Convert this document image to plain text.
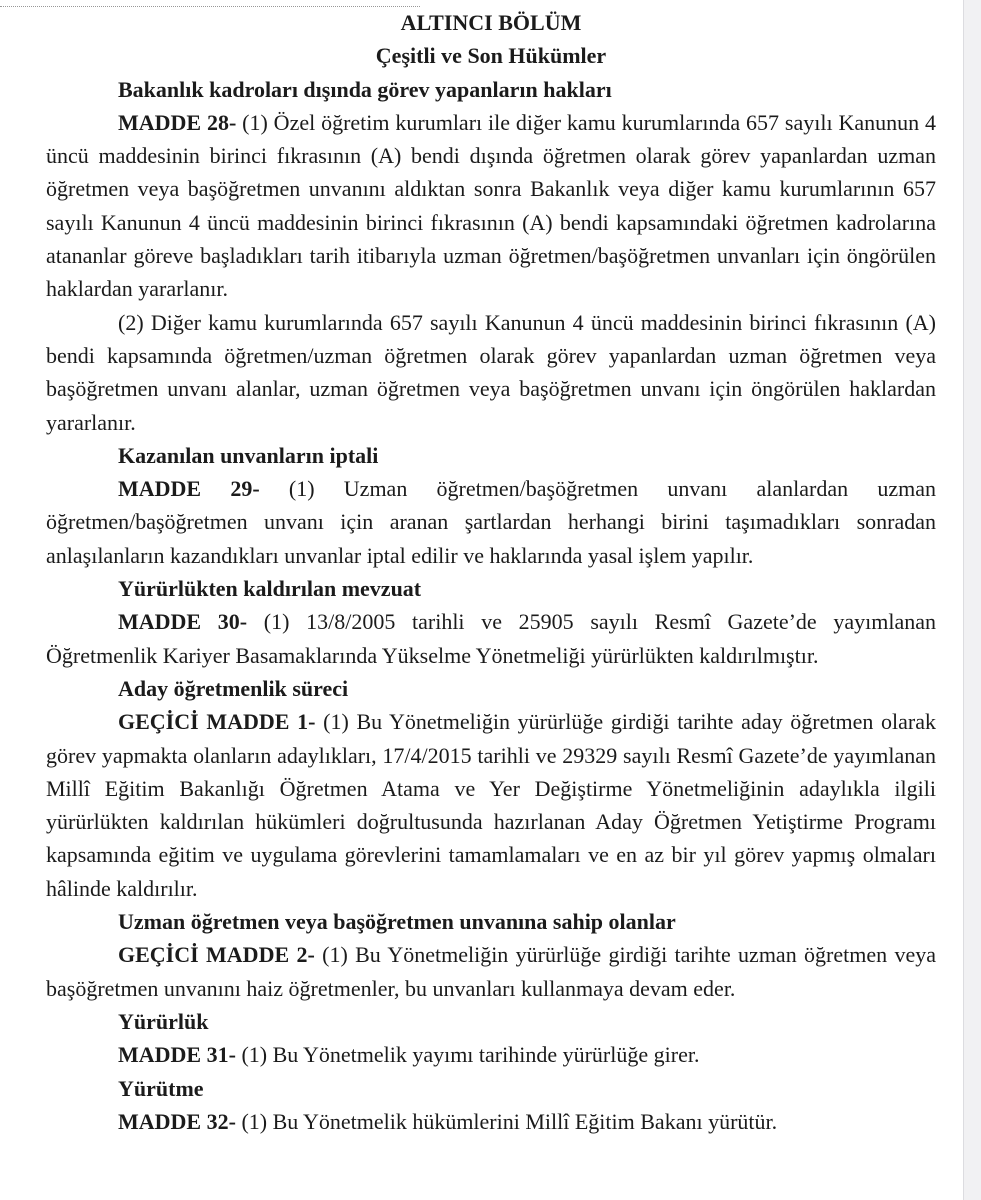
ALTINCI BÖLÜM
Çeşitli ve Son Hükümler
Bakanlık kadroları dışında görev yapanların hakları

MADDE 28- (1) Özel öğretim kurumları ile diğer kamu kurumlarında 657 sayılı Kanunun 4 üncü maddesinin birinci fıkrasının (A) bendi dışında öğretmen olarak görev yapanlardan uzman öğretmen veya başöğretmen unvanını aldıktan sonra Bakanlık veya diğer kamu kurumlarının 657 sayılı Kanunun 4 üncü maddesinin birinci fıkrasının (A) bendi kapsamındaki öğretmen kadrolarına atananlar göreve başladıkları tarih itibarıyla uzman öğretmen/başöğretmen unvanları için öngörülen haklardan yararlanır.

(2) Diğer kamu kurumlarında 657 sayılı Kanunun 4 üncü maddesinin birinci fıkrasının (A) bendi kapsamında öğretmen/uzman öğretmen olarak görev yapanlardan uzman öğretmen veya başöğretmen unvanı alanlar, uzman öğretmen veya başöğretmen unvanı için öngörülen haklardan yararlanır.

Kazanılan unvanların iptali

MADDE 29- (1) Uzman öğretmen/başöğretmen unvanı alanlardan uzman öğretmen/başöğretmen unvanı için aranan şartlardan herhangi birini taşımadıkları sonradan anlaşılanların kazandıkları unvanlar iptal edilir ve haklarında yasal işlem yapılır.

Yürürlükten kaldırılan mevzuat

MADDE 30- (1) 13/8/2005 tarihli ve 25905 sayılı Resmî Gazete’de yayımlanan Öğretmenlik Kariyer Basamaklarında Yükselme Yönetmeliği yürürlükten kaldırılmıştır.

Aday öğretmenlik süreci

GEÇİCİ MADDE 1- (1) Bu Yönetmeliğin yürürlüğe girdiği tarihte aday öğretmen olarak görev yapmakta olanların adaylıkları, 17/4/2015 tarihli ve 29329 sayılı Resmî Gazete’de yayımlanan Millî Eğitim Bakanlığı Öğretmen Atama ve Yer Değiştirme Yönetmeliğinin adaylıkla ilgili yürürlükten kaldırılan hükümleri doğrultusunda hazırlanan Aday Öğretmen Yetiştirme Programı kapsamında eğitim ve uygulama görevlerini tamamlamaları ve en az bir yıl görev yapmış olmaları hâlinde kaldırılır.

Uzman öğretmen veya başöğretmen unvanına sahip olanlar

GEÇİCİ MADDE 2- (1) Bu Yönetmeliğin yürürlüğe girdiği tarihte uzman öğretmen veya başöğretmen unvanını haiz öğretmenler, bu unvanları kullanmaya devam eder.

Yürürlük

MADDE 31- (1) Bu Yönetmelik yayımı tarihinde yürürlüğe girer.

Yürütme

MADDE 32- (1) Bu Yönetmelik hükümlerini Millî Eğitim Bakanı yürütür.
